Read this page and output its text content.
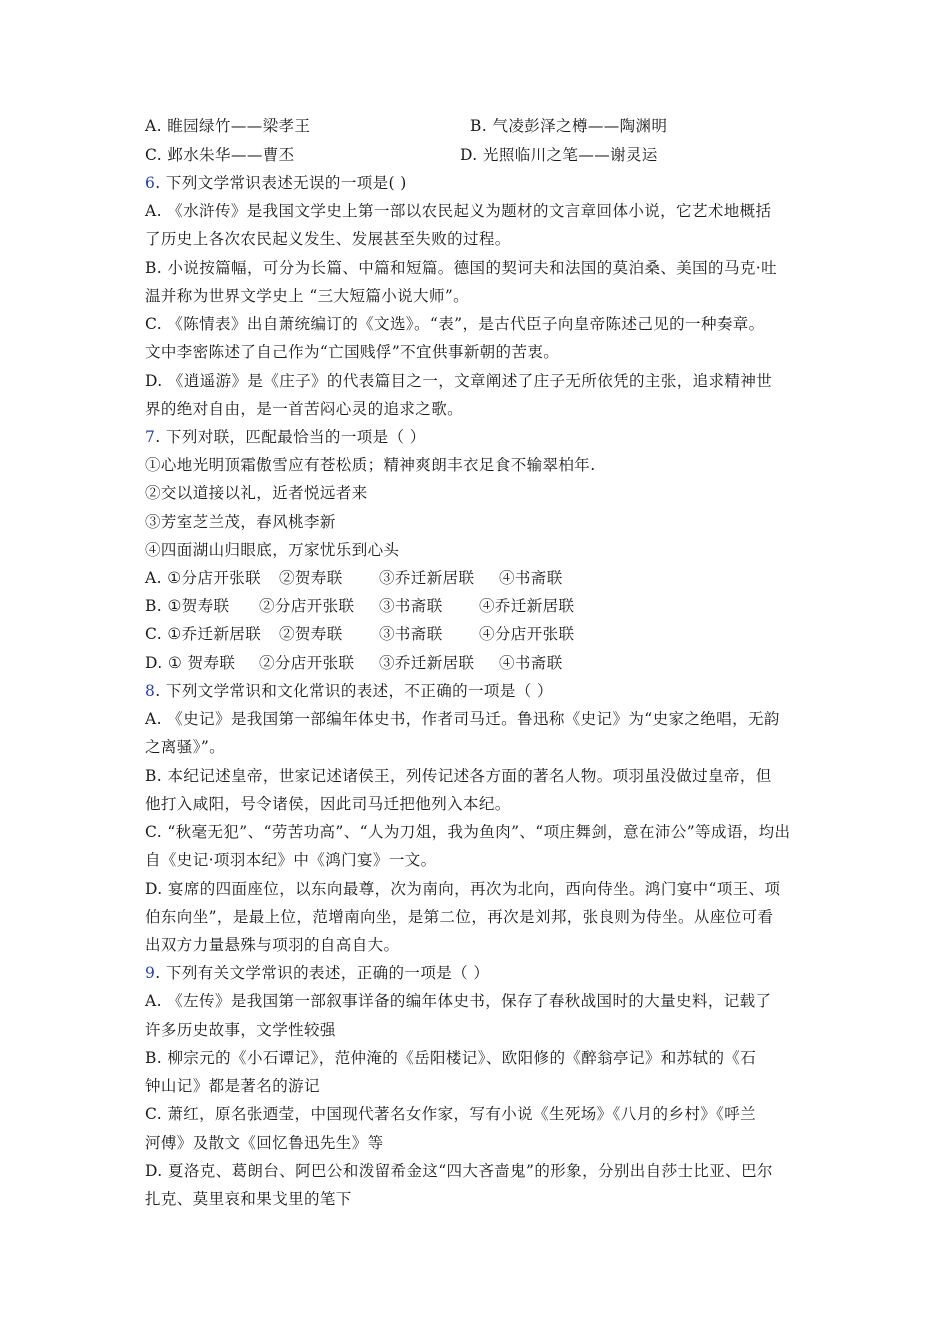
A. 睢园绿竹——梁孝王	B. 气凌彭泽之樽——陶渊明
C. 邺水朱华——曹丕	D. 光照临川之笔——谢灵运
6. 下列文学常识表述无误的一项是( )
A. 《水浒传》是我国文学史上第一部以农民起义为题材的文言章回体小说，它艺术地概括
了历史上各次农民起义发生、发展甚至失败的过程。
B. 小说按篇幅，可分为长篇、中篇和短篇。德国的契诃夫和法国的莫泊桑、美国的马克·吐
温并称为世界文学史上 “三大短篇小说大师”。
C. 《陈情表》出自萧统编订的《文选》。“表”，是古代臣子向皇帝陈述己见的一种奏章。
文中李密陈述了自己作为“亡国贱俘”不宜供事新朝的苦衷。
D. 《逍遥游》是《庄子》的代表篇目之一，文章阐述了庄子无所依凭的主张，追求精神世
界的绝对自由，是一首苦闷心灵的追求之歌。
7. 下列对联，匹配最恰当的一项是（ ）
①心地光明顶霜傲雪应有苍松质；精神爽朗丰衣足食不输翠柏年.
②交以道接以礼，近者悦远者来
③芳室芝兰茂，春风桃李新
④四面湖山归眼底，万家忧乐到心头
A. ①分店开张联 ②贺寿联 ③乔迁新居联 ④书斋联
B. ①贺寿联 ②分店开张联 ③书斋联 ④乔迁新居联
C. ①乔迁新居联 ②贺寿联 ③书斋联 ④分店开张联
D. ① 贺寿联 ②分店开张联 ③乔迁新居联 ④书斋联
8. 下列文学常识和文化常识的表述，不正确的一项是（ ）
A. 《史记》是我国第一部编年体史书，作者司马迁。鲁迅称《史记》为“史家之绝唱，无韵
之离骚》”。
B. 本纪记述皇帝，世家记述诸侯王，列传记述各方面的著名人物。项羽虽没做过皇帝，但
他打入咸阳，号令诸侯，因此司马迁把他列入本纪。
C. “秋毫无犯”、“劳苦功高”、“人为刀俎，我为鱼肉”、“项庄舞剑，意在沛公”等成语，均出
自《史记·项羽本纪》中《鸿门宴》一文。
D. 宴席的四面座位，以东向最尊，次为南向，再次为北向，西向侍坐。鸿门宴中“项王、项
伯东向坐”，是最上位，范增南向坐，是第二位，再次是刘邦，张良则为侍坐。从座位可看
出双方力量悬殊与项羽的自高自大。
9. 下列有关文学常识的表述，正确的一项是（ ）
A. 《左传》是我国第一部叙事详备的编年体史书，保存了春秋战国时的大量史料，记载了
许多历史故事，文学性较强
B. 柳宗元的《小石谭记》，范仲淹的《岳阳楼记》、欧阳修的《醉翁亭记》和苏轼的《石
钟山记》都是著名的游记
C. 萧红，原名张迺莹，中国现代著名女作家，写有小说《生死场》《八月的乡村》《呼兰
河傅》及散文《回忆鲁迅先生》等
D. 夏洛克、葛朗台、阿巴公和泼留希金这“四大吝啬鬼”的形象，分别出自莎士比亚、巴尔
扎克、莫里哀和果戈里的笔下
